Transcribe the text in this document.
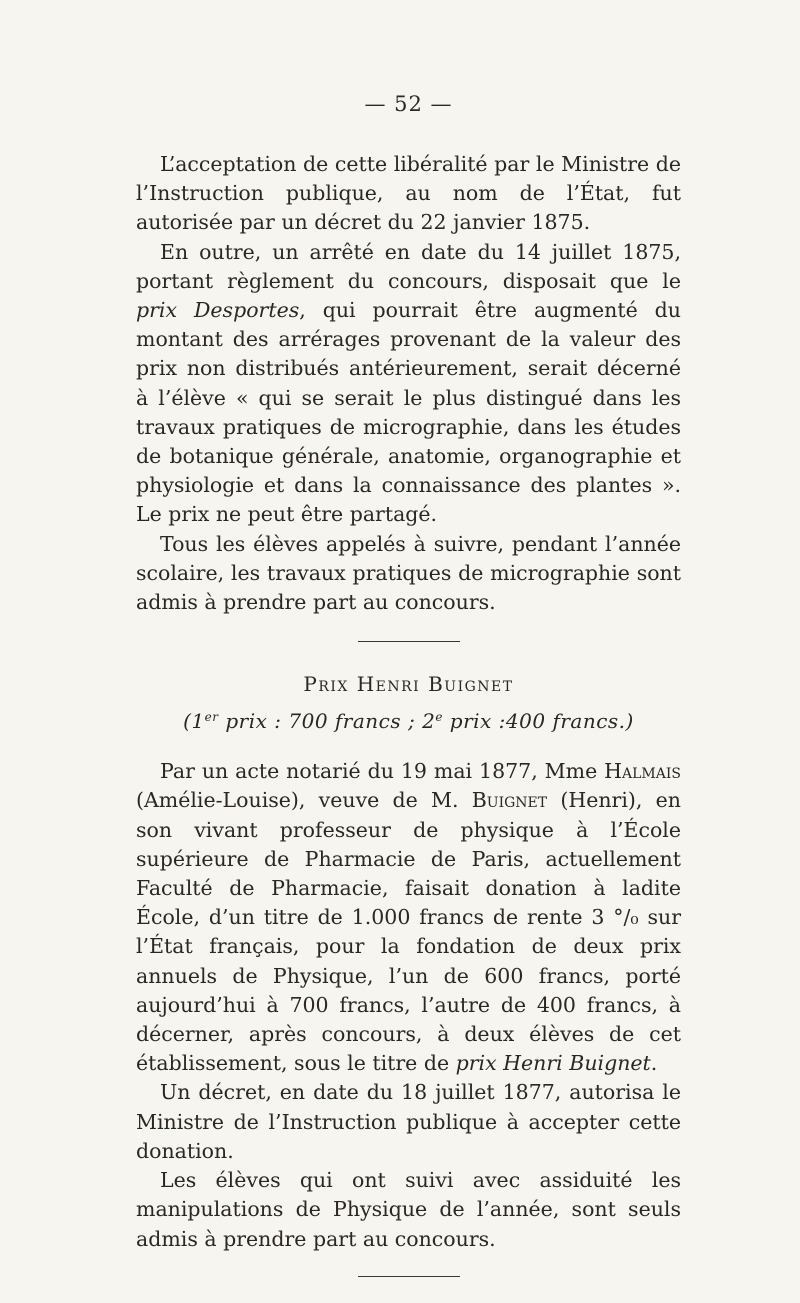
— 52 —

L’acceptation de cette libéralité par le Ministre de l’Instruction publique, au nom de l’État, fut autorisée par un décret du 22 janvier 1875.

En outre, un arrêté en date du 14 juillet 1875, portant règlement du concours, disposait que le prix Desportes, qui pourrait être augmenté du montant des arrérages provenant de la valeur des prix non distribués antérieurement, serait décerné à l’élève « qui se serait le plus distingué dans les travaux pratiques de micrographie, dans les études de botanique générale, anatomie, organographie et physiologie et dans la connaissance des plantes ». Le prix ne peut être partagé.

Tous les élèves appelés à suivre, pendant l’année scolaire, les travaux pratiques de micrographie sont admis à prendre part au concours.

Prix Henri Buignet
(1er prix : 700 francs ; 2e prix :400 francs.)

Par un acte notarié du 19 mai 1877, Mme Halmais (Amélie-Louise), veuve de M. Buignet (Henri), en son vivant professeur de physique à l’École supérieure de Pharmacie de Paris, actuellement Faculté de Pharmacie, faisait donation à ladite École, d’un titre de 1.000 francs de rente 3 °/₀ sur l’État français, pour la fondation de deux prix annuels de Physique, l’un de 600 francs, porté aujourd’hui à 700 francs, l’autre de 400 francs, à décerner, après concours, à deux élèves de cet établissement, sous le titre de prix Henri Buignet.

Un décret, en date du 18 juillet 1877, autorisa le Ministre de l’Instruction publique à accepter cette donation.

Les élèves qui ont suivi avec assiduité les manipulations de Physique de l’année, sont seuls admis à prendre part au concours.
